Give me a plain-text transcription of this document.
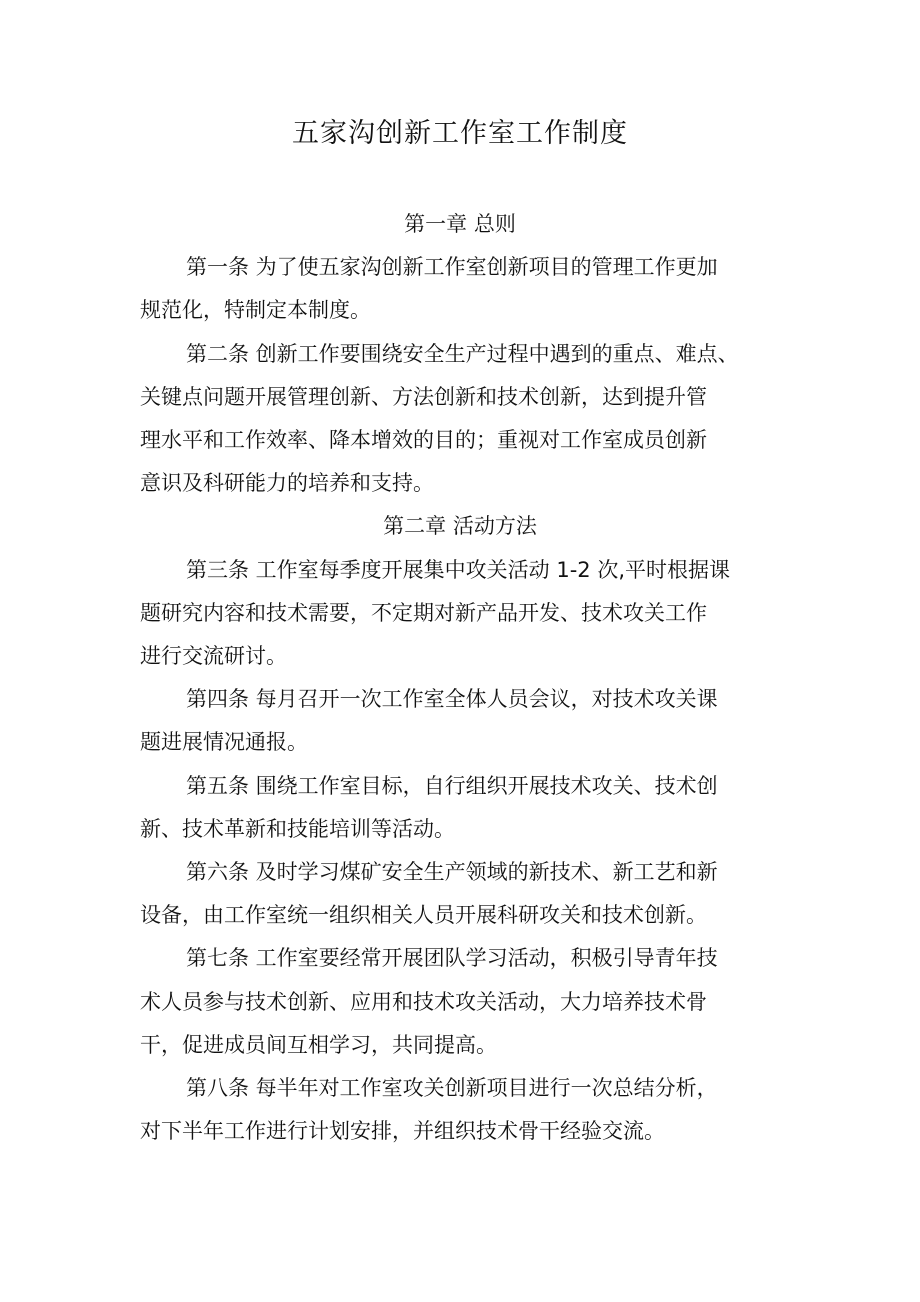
五家沟创新工作室工作制度
第一章 总则
第一条 为了使五家沟创新工作室创新项目的管理工作更加
规范化，特制定本制度。
第二条 创新工作要围绕安全生产过程中遇到的重点、难点、
关键点问题开展管理创新、方法创新和技术创新，达到提升管
理水平和工作效率、降本增效的目的；重视对工作室成员创新
意识及科研能力的培养和支持。
第二章 活动方法
第三条 工作室每季度开展集中攻关活动 1-2 次,平时根据课
题研究内容和技术需要，不定期对新产品开发、技术攻关工作
进行交流研讨。
第四条 每月召开一次工作室全体人员会议，对技术攻关课
题进展情况通报。
第五条 围绕工作室目标，自行组织开展技术攻关、技术创
新、技术革新和技能培训等活动。
第六条 及时学习煤矿安全生产领域的新技术、新工艺和新
设备，由工作室统一组织相关人员开展科研攻关和技术创新。
第七条 工作室要经常开展团队学习活动，积极引导青年技
术人员参与技术创新、应用和技术攻关活动，大力培养技术骨
干，促进成员间互相学习，共同提高。
第八条 每半年对工作室攻关创新项目进行一次总结分析，
对下半年工作进行计划安排，并组织技术骨干经验交流。
